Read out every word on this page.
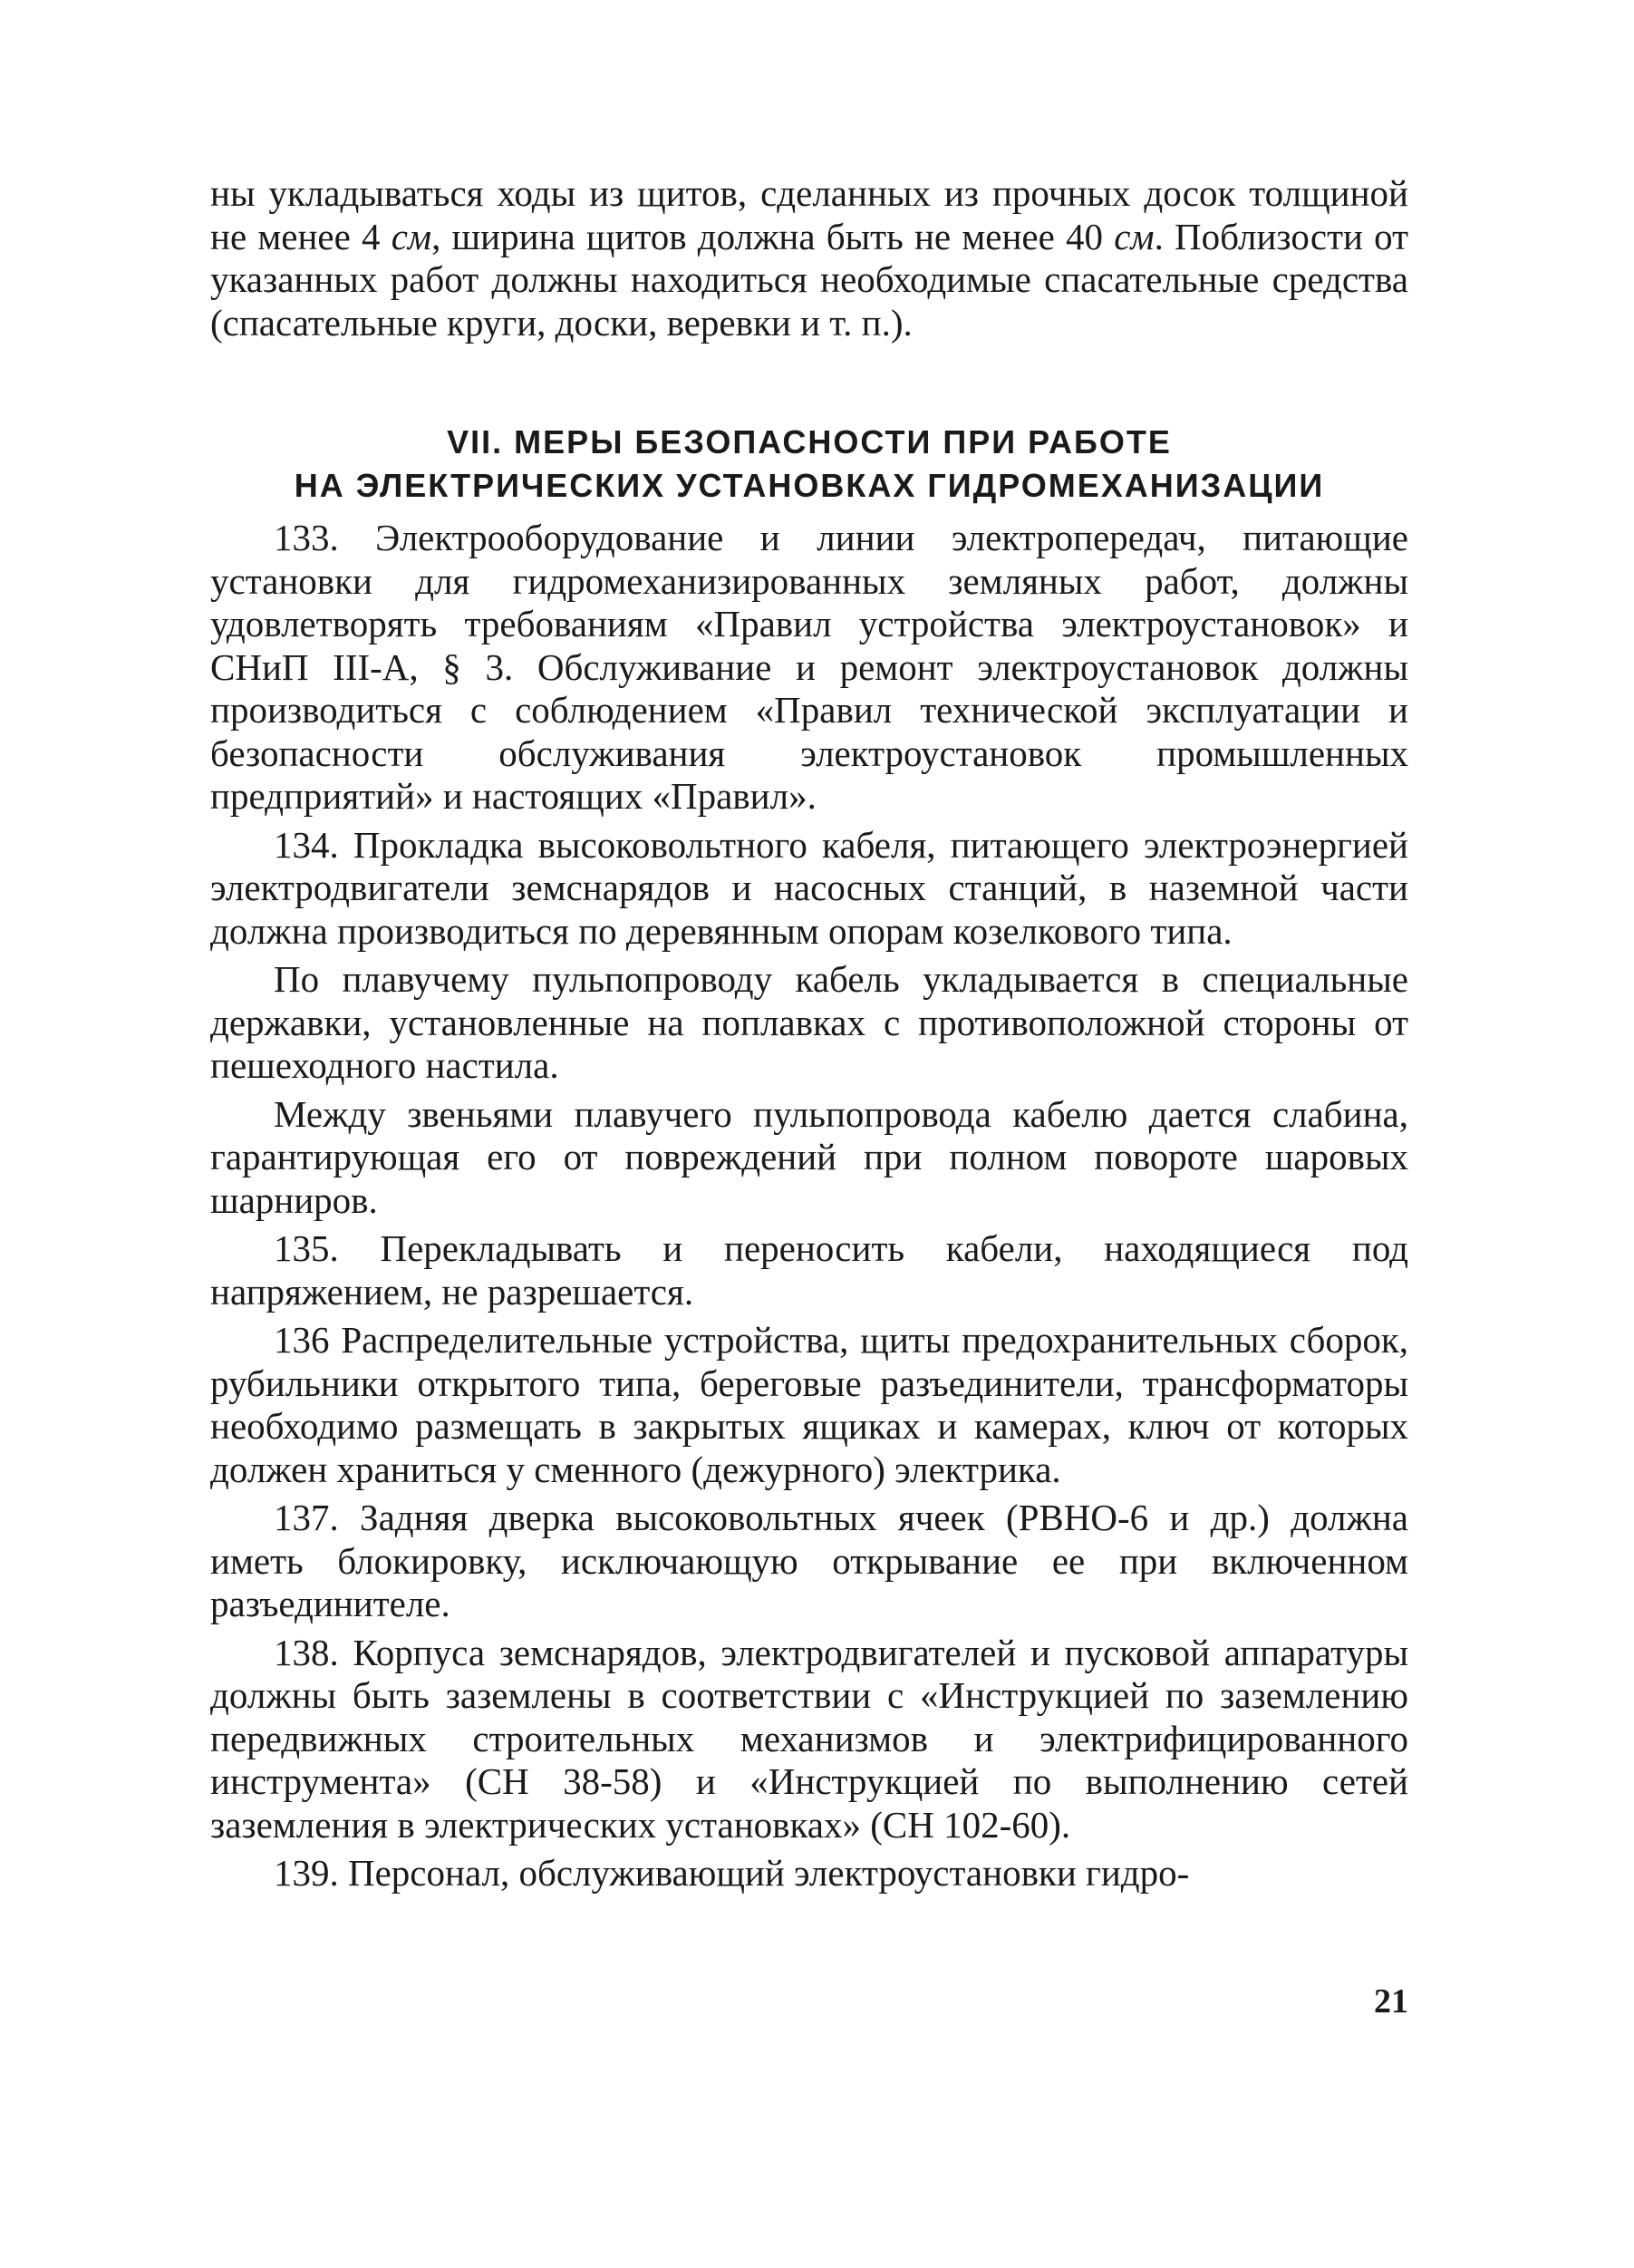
ны укладываться ходы из щитов, сделанных из прочных досок толщиной не менее 4 см, ширина щитов должна быть не менее 40 см. Поблизости от указанных работ должны находиться необходимые спасательные средства (спасательные круги, доски, веревки и т. п.).

VII. МЕРЫ БЕЗОПАСНОСТИ ПРИ РАБОТЕ

НА ЭЛЕКТРИЧЕСКИХ УСТАНОВКАХ ГИДРОМЕХАНИЗАЦИИ

133. Электрооборудование и линии электропередач, питающие установки для гидромеханизированных земляных работ, должны удовлетворять требованиям «Правил устройства электроустановок» и СНиП III-А, § 3. Обслуживание и ремонт электроустановок должны производиться с соблюдением «Правил технической эксплуатации и безопасности обслуживания электроустановок промышленных предприятий» и настоящих «Правил».

134. Прокладка высоковольтного кабеля, питающего электроэнергией электродвигатели земснарядов и насосных станций, в наземной части должна производиться по деревянным опорам козелкового типа.

По плавучему пульпопроводу кабель укладывается в специальные державки, установленные на поплавках с противоположной стороны от пешеходного настила.

Между звеньями плавучего пульпопровода кабелю дается слабина, гарантирующая его от повреждений при полном повороте шаровых шарниров.

135. Перекладывать и переносить кабели, находящиеся под напряжением, не разрешается.

136 Распределительные устройства, щиты предохранительных сборок, рубильники открытого типа, береговые разъединители, трансформаторы необходимо размещать в закрытых ящиках и камерах, ключ от которых должен храниться у сменного (дежурного) электрика.

137. Задняя дверка высоковольтных ячеек (РВНО-6 и др.) должна иметь блокировку, исключающую открывание ее при включенном разъединителе.

138. Корпуса земснарядов, электродвигателей и пусковой аппаратуры должны быть заземлены в соответствии с «Инструкцией по заземлению передвижных строительных механизмов и электрифицированного инструмента» (СН 38-58) и «Инструкцией по выполнению сетей заземления в электрических установках» (СН 102-60).

139. Персонал, обслуживающий электроустановки гидро-

21
